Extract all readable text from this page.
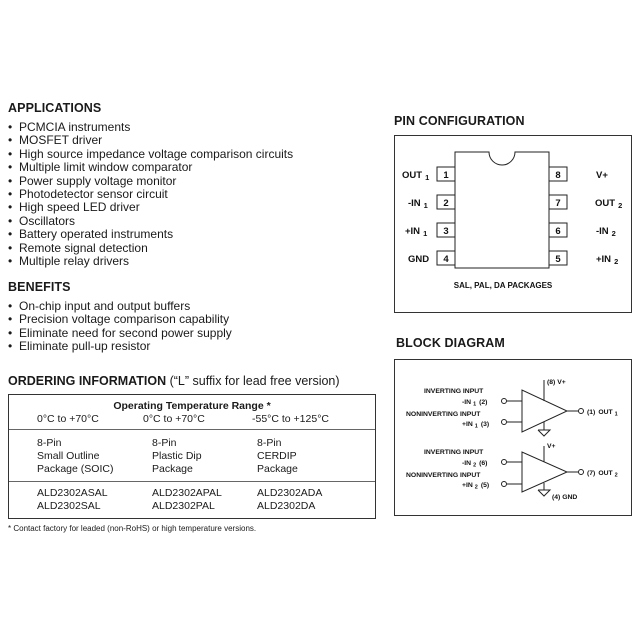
APPLICATIONS
• PCMCIA instruments
• MOSFET driver
• High source impedance voltage comparison circuits
• Multiple limit window comparator
• Power supply voltage monitor
• Photodetector sensor circuit
• High speed LED driver
• Oscillators
• Battery operated instruments
• Remote signal detection
• Multiple relay drivers
BENEFITS
• On-chip input and output buffers
• Precision voltage comparison capability
• Eliminate need for second power supply
• Eliminate pull-up resistor
ORDERING INFORMATION (“L” suffix for lead free version)
Operating Temperature Range *
0°C to +70°C	0°C to +70°C	-55°C to +125°C
8-Pin
Small Outline
Package (SOIC)
8-Pin
Plastic Dip
Package
8-Pin
CERDIP
Package
ALD2302ASAL
ALD2302SAL
ALD2302APAL
ALD2302PAL
ALD2302ADA
ALD2302DA
* Contact factory for leaded (non-RoHS) or high temperature versions.
PIN CONFIGURATION
1
2
3
4
8
7
6
5
OUT $_1$
-IN $_1$
+IN $_1$
GND
V+
OUT $_2$
-IN $_2$
+IN $_2$
SAL, PAL, DA PACKAGES
BLOCK DIAGRAM
(8) V+
INVERTING INPUT
-IN $_1$ (2)
NONINVERTING INPUT
+IN $_1$ (3)
(1) OUT $_1$
V+
INVERTING INPUT
-IN $_2$ (6)
NONINVERTING INPUT
+IN $_2$ (5)
(7) OUT $_2$
(4) GND
